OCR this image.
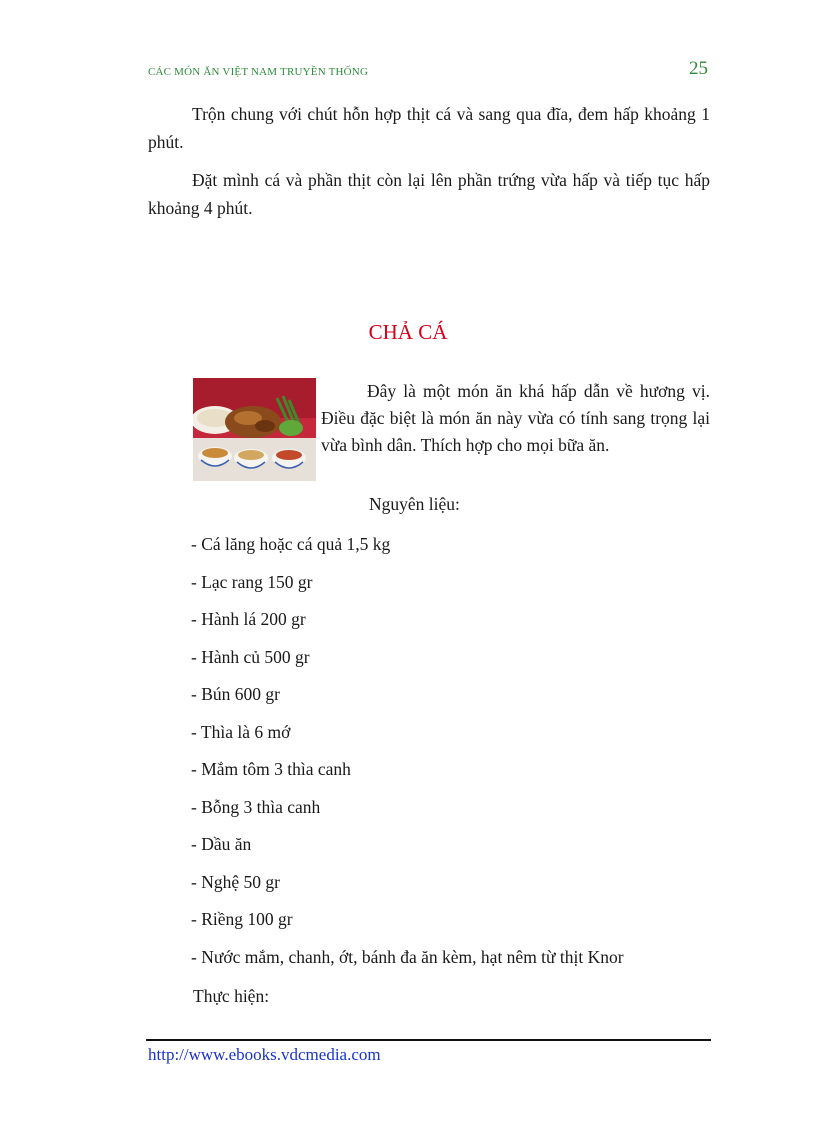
CÁC MÓN ĂN VIỆT NAM TRUYỀN THỐNG	25

Trộn chung với chút hỗn hợp thịt cá và sang qua đĩa, đem hấp khoảng 1 phút.

Đặt mình cá và phần thịt còn lại lên phần trứng vừa hấp và tiếp tục hấp khoảng 4 phút.

CHẢ CÁ

Đây là một món ăn khá hấp dẫn về hương vị. Điều đặc biệt là món ăn này vừa có tính sang trọng lại vừa bình dân. Thích hợp cho mọi bữa ăn.

Nguyên liệu:
- Cá lăng hoặc cá quả 1,5 kg
- Lạc rang 150 gr
- Hành lá 200 gr
- Hành củ 500 gr
- Bún 600 gr
- Thìa là 6 mớ
- Mắm tôm 3 thìa canh
- Bỗng 3 thìa canh
- Dầu ăn
- Nghệ 50 gr
- Riềng 100 gr
- Nước mắm, chanh, ớt, bánh đa ăn kèm, hạt nêm từ thịt Knor
Thực hiện:
http://www.ebooks.vdcmedia.com
